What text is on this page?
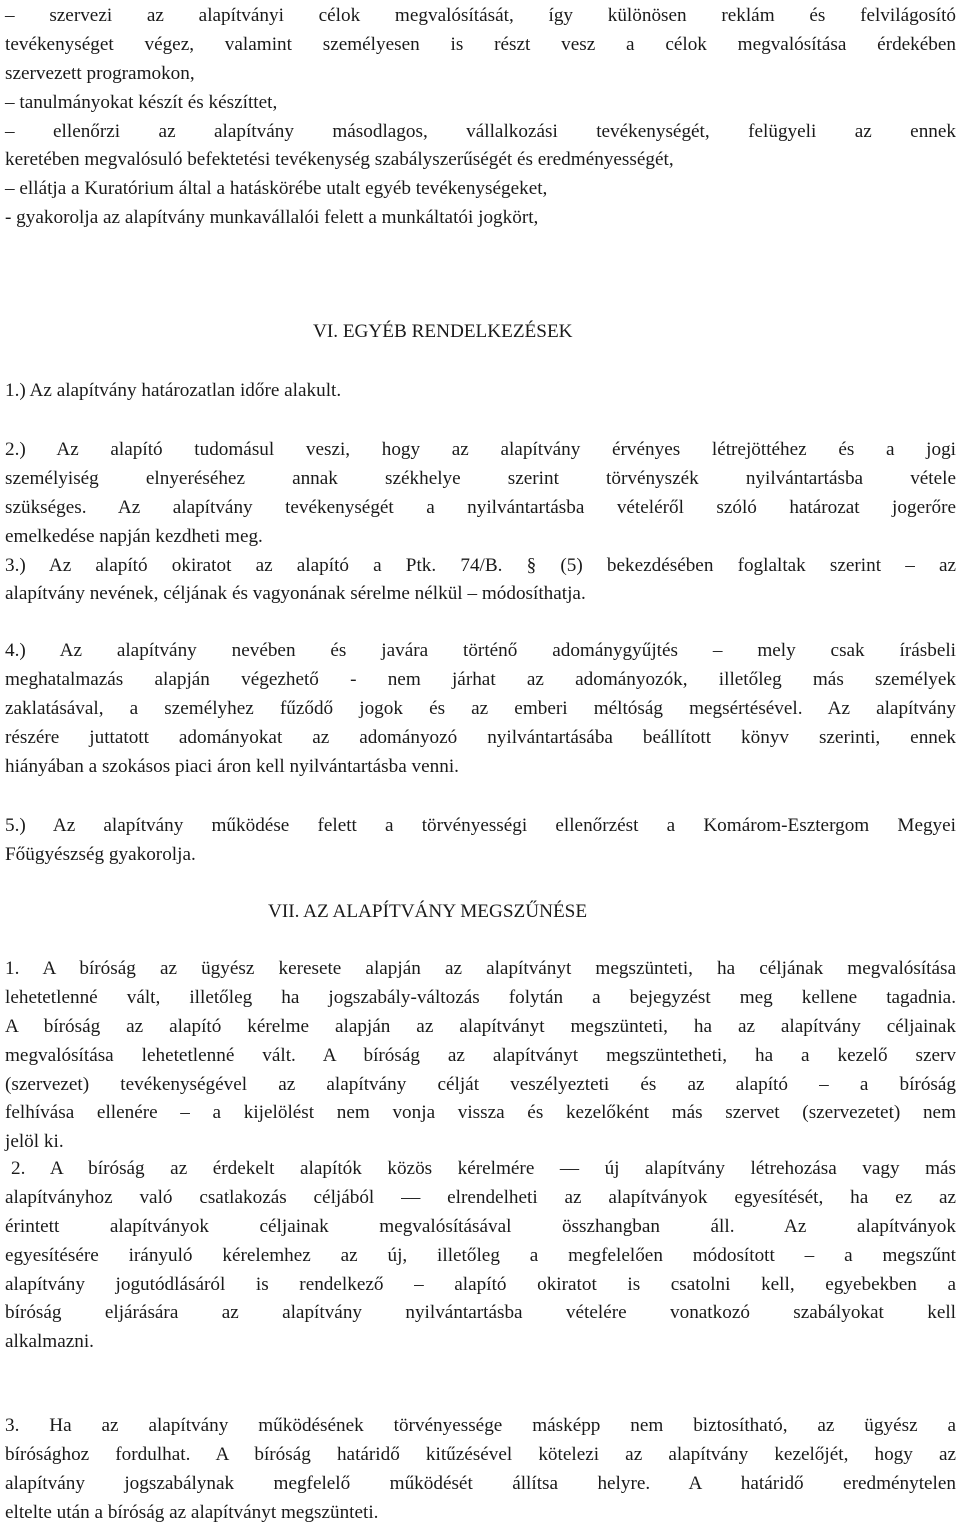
– szervezi az alapítványi célok megvalósítását, így különösen reklám és felvilágosító
tevékenységet végez, valamint személyesen is részt vesz a célok megvalósítása érdekében
szervezett programokon,
– tanulmányokat készít és készíttet,
– ellenőrzi az alapítvány másodlagos, vállalkozási tevékenységét, felügyeli az ennek
keretében megvalósuló befektetési tevékenység szabályszerűségét és eredményességét,
– ellátja a Kuratórium által a hatáskörébe utalt egyéb tevékenységeket,
- gyakorolja az alapítvány munkavállalói felett a munkáltatói jogkört,
VI. EGYÉB RENDELKEZÉSEK
1.) Az alapítvány határozatlan időre alakult.
2.) Az alapító tudomásul veszi, hogy az alapítvány érvényes létrejöttéhez és a jogi
személyiség elnyeréséhez annak székhelye szerint törvényszék nyilvántartásba vétele
szükséges. Az alapítvány tevékenységét a nyilvántartásba vételéről szóló határozat jogerőre
emelkedése napján kezdheti meg.
3.) Az alapító okiratot az alapító a Ptk. 74/B. § (5) bekezdésében foglaltak szerint – az
alapítvány nevének, céljának és vagyonának sérelme nélkül – módosíthatja.
4.) Az alapítvány nevében és javára történő adománygyűjtés – mely csak írásbeli
meghatalmazás alapján végezhető - nem járhat az adományozók, illetőleg más személyek
zaklatásával, a személyhez fűződő jogok és az emberi méltóság megsértésével. Az alapítvány
részére juttatott adományokat az adományozó nyilvántartásába beállított könyv szerinti, ennek
hiányában a szokásos piaci áron kell nyilvántartásba venni.
5.) Az alapítvány működése felett a törvényességi ellenőrzést a Komárom-Esztergom Megyei
Főügyészség gyakorolja.
VII. AZ ALAPÍTVÁNY MEGSZŰNÉSE
1. A bíróság az ügyész keresete alapján az alapítványt megszünteti, ha céljának megvalósítása
lehetetlenné vált, illetőleg ha jogszabály-változás folytán a bejegyzést meg kellene tagadnia.
A bíróság az alapító kérelme alapján az alapítványt megszünteti, ha az alapítvány céljainak
megvalósítása lehetetlenné vált. A bíróság az alapítványt megszüntetheti, ha a kezelő szerv
(szervezet) tevékenységével az alapítvány célját veszélyezteti és az alapító – a bíróság
felhívása ellenére – a kijelölést nem vonja vissza és kezelőként más szervet (szervezetet) nem
jelöl ki.
2. A bíróság az érdekelt alapítók közös kérelmére –– új alapítvány létrehozása vagy más
alapítványhoz való csatlakozás céljából –– elrendelheti az alapítványok egyesítését, ha ez az
érintett alapítványok céljainak megvalósításával összhangban áll. Az alapítványok
egyesítésére irányuló kérelemhez az új, illetőleg a megfelelően módosított – a megszűnt
alapítvány jogutódlásáról is rendelkező – alapító okiratot is csatolni kell, egyebekben a
bíróság eljárására az alapítvány nyilvántartásba vételére vonatkozó szabályokat kell
alkalmazni.
3. Ha az alapítvány működésének törvényessége másképp nem biztosítható, az ügyész a
bírósághoz fordulhat. A bíróság határidő kitűzésével kötelezi az alapítvány kezelőjét, hogy az
alapítvány jogszabálynak megfelelő működését állítsa helyre. A határidő eredménytelen
eltelte után a bíróság az alapítványt megszünteti.
